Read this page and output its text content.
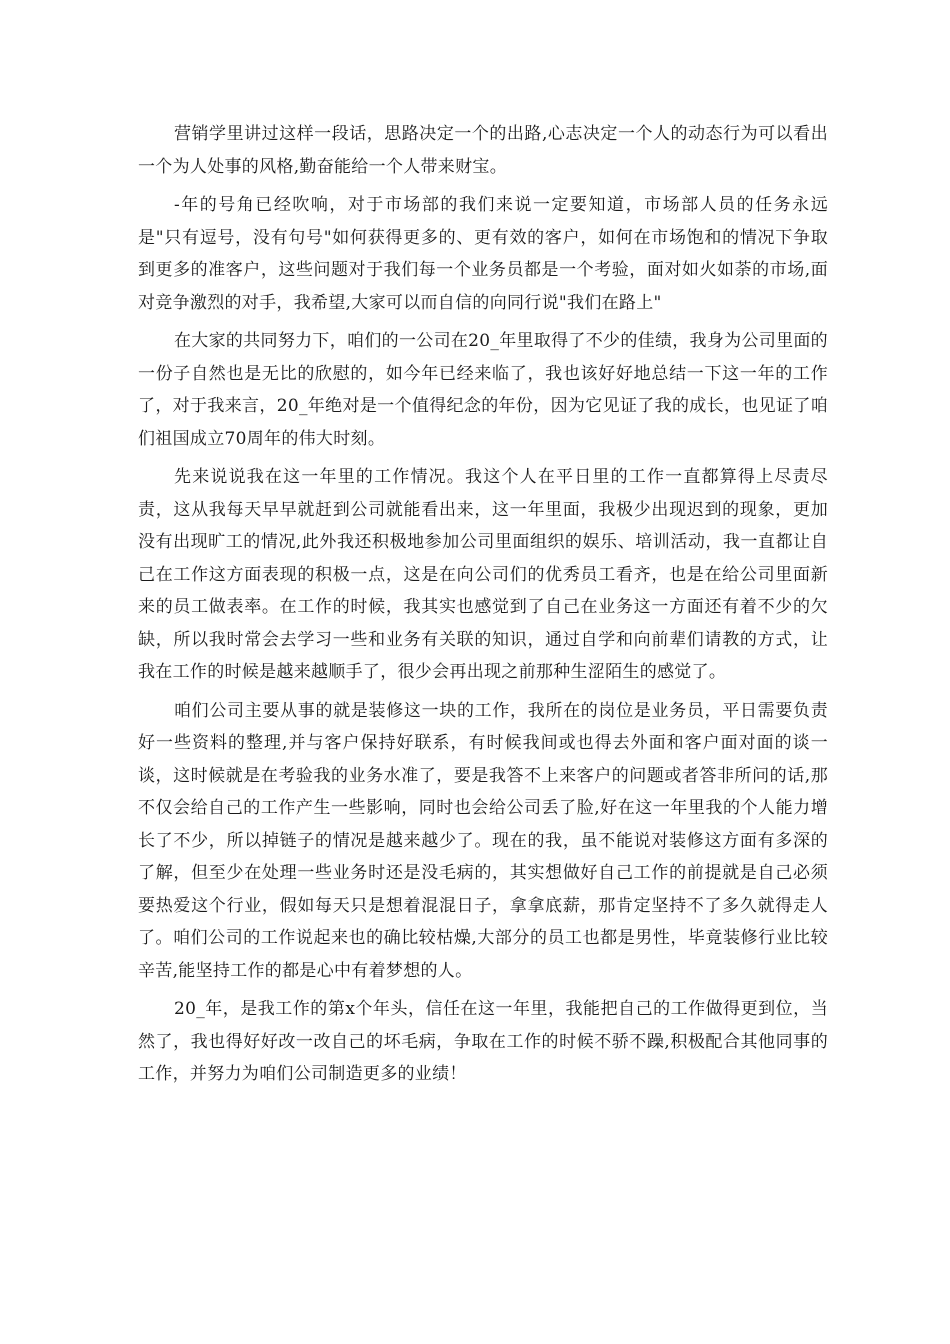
营销学里讲过这样一段话，思路决定一个的出路,心志决定一个人的动态行为可以看出一个为人处事的风格,勤奋能给一个人带来财宝。

-年的号角已经吹响，对于市场部的我们来说一定要知道，市场部人员的任务永远是"只有逗号，没有句号"如何获得更多的、更有效的客户，如何在市场饱和的情况下争取到更多的准客户，这些问题对于我们每一个业务员都是一个考验，面对如火如荼的市场,面对竞争激烈的对手，我希望,大家可以而自信的向同行说"我们在路上"

在大家的共同努力下，咱们的一公司在20_年里取得了不少的佳绩，我身为公司里面的一份子自然也是无比的欣慰的，如今年已经来临了，我也该好好地总结一下这一年的工作了，对于我来言，20_年绝对是一个值得纪念的年份，因为它见证了我的成长，也见证了咱们祖国成立70周年的伟大时刻。

先来说说我在这一年里的工作情况。我这个人在平日里的工作一直都算得上尽责尽责，这从我每天早早就赶到公司就能看出来，这一年里面，我极少出现迟到的现象，更加没有出现旷工的情况,此外我还积极地参加公司里面组织的娱乐、培训活动，我一直都让自己在工作这方面表现的积极一点，这是在向公司们的优秀员工看齐，也是在给公司里面新来的员工做表率。在工作的时候，我其实也感觉到了自己在业务这一方面还有着不少的欠缺，所以我时常会去学习一些和业务有关联的知识，通过自学和向前辈们请教的方式，让我在工作的时候是越来越顺手了，很少会再出现之前那种生涩陌生的感觉了。

咱们公司主要从事的就是装修这一块的工作，我所在的岗位是业务员，平日需要负责好一些资料的整理,并与客户保持好联系，有时候我间或也得去外面和客户面对面的谈一谈，这时候就是在考验我的业务水准了，要是我答不上来客户的问题或者答非所问的话,那不仅会给自己的工作产生一些影响，同时也会给公司丢了脸,好在这一年里我的个人能力增长了不少，所以掉链子的情况是越来越少了。现在的我，虽不能说对装修这方面有多深的了解，但至少在处理一些业务时还是没毛病的，其实想做好自己工作的前提就是自己必须要热爱这个行业，假如每天只是想着混混日子，拿拿底薪，那肯定坚持不了多久就得走人了。咱们公司的工作说起来也的确比较枯燥,大部分的员工也都是男性，毕竟装修行业比较辛苦,能坚持工作的都是心中有着梦想的人。

20_年，是我工作的第x个年头，信任在这一年里，我能把自己的工作做得更到位，当然了，我也得好好改一改自己的坏毛病，争取在工作的时候不骄不躁,积极配合其他同事的工作，并努力为咱们公司制造更多的业绩！
